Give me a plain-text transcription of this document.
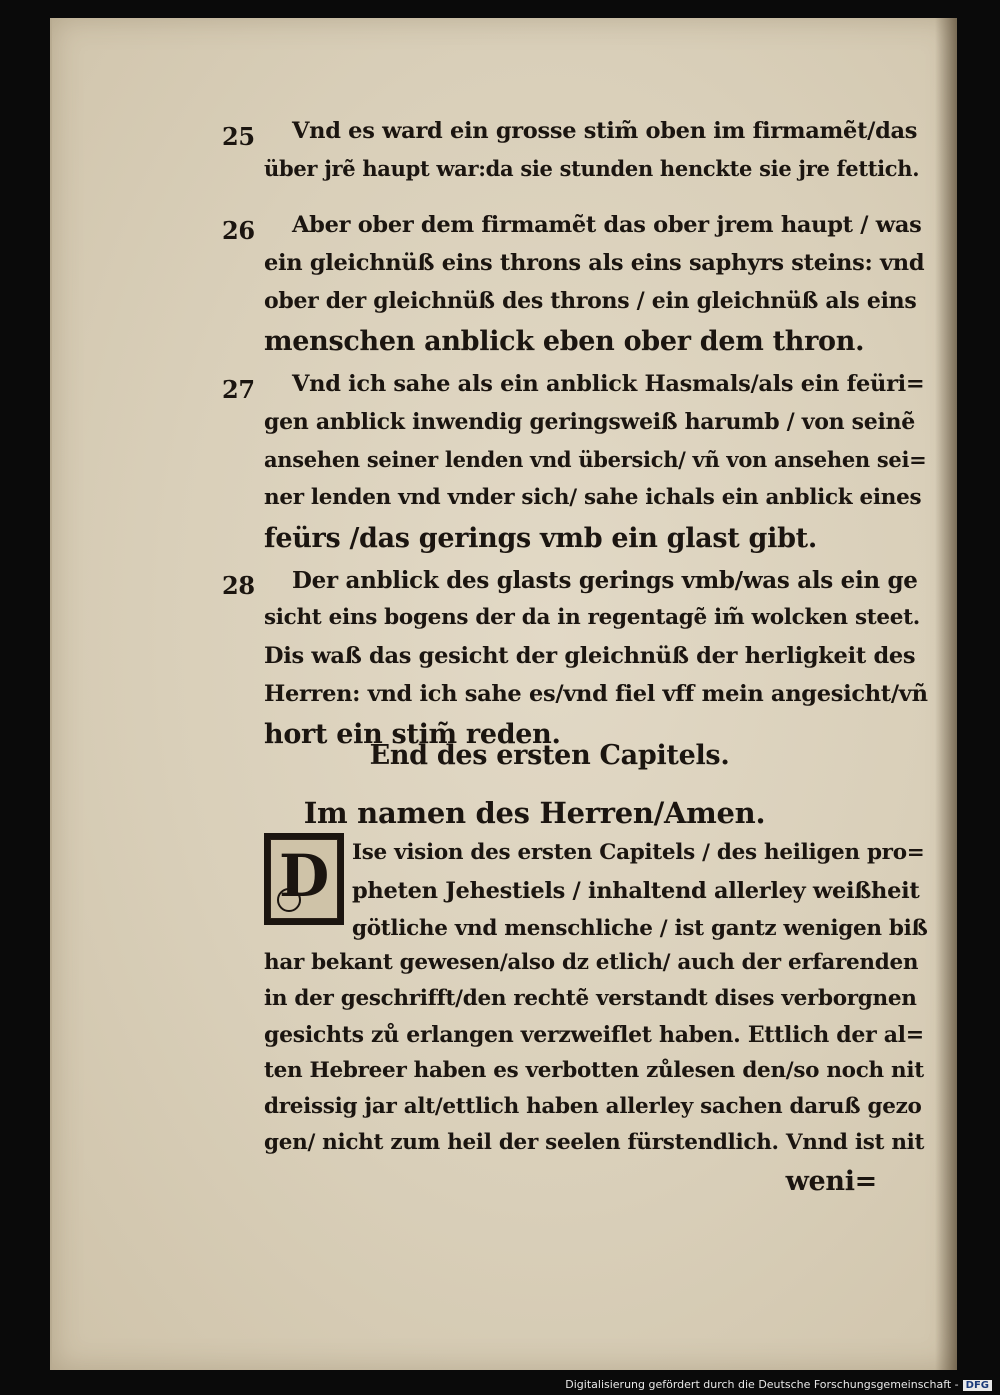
25 Vnd es ward ein grosse stim̃ oben im firmamẽt/das
über jrẽ haupt war:da sie stunden henckte sie jre fettich.
26 Aber ober dem firmamẽt das ober jrem haupt / was
ein gleichnüß eins throns als eins saphyrs steins: vnd
ober der gleichnüß des throns / ein gleichnüß als eins
menschen anblick eben ober dem thron.
27 Vnd ich sahe als ein anblick Hasmals/als ein feüri=
gen anblick inwendig geringsweiß harumb / von seinẽ
ansehen seiner lenden vnd übersich/ vñ von ansehen sei=
ner lenden vnd vnder sich/ sahe ichals ein anblick eines
feürs /das gerings vmb ein glast gibt.
28 Der anblick des glasts gerings vmb/was als ein ge
sicht eins bogens der da in regentagẽ im̃ wolcken steet.
Dis waß das gesicht der gleichnüß der herligkeit des
Herren: vnd ich sahe es/vnd fiel vff mein angesicht/vñ
hort ein stim̃ reden.
End des ersten Capitels.
Im namen des Herren/Amen.
D	Ise vision des ersten Capitels / des heiligen pro=
pheten Jehestiels / inhaltend allerley weißheit
götliche vnd menschliche / ist gantz wenigen biß
har bekant gewesen/also dz etlich/ auch der erfarenden
in der geschrifft/den rechtẽ verstandt dises verborgnen
gesichts zů erlangen verzweiflet haben. Ettlich der al=
ten Hebreer haben es verbotten zůlesen den/so noch nit
dreissig jar alt/ettlich haben allerley sachen daruß gezo
gen/ nicht zum heil der seelen fürstendlich. Vnnd ist nit
weni=
Digitalisierung gefördert durch die Deutsche Forschungsgemeinschaft - DFG
